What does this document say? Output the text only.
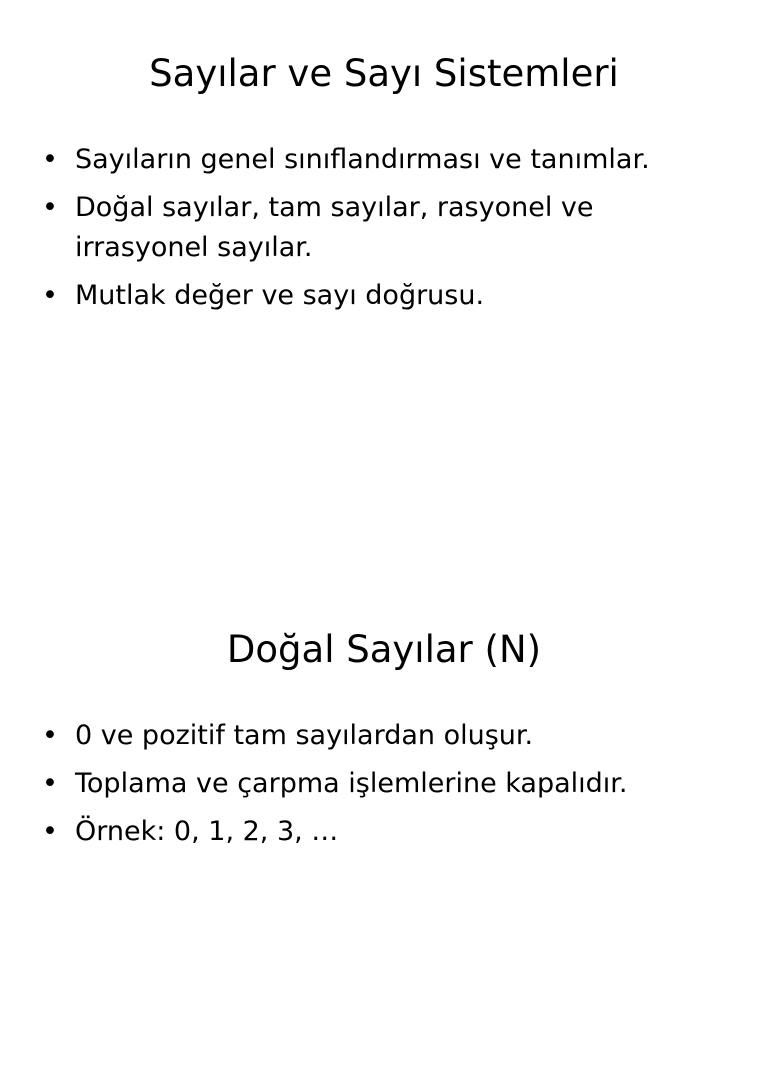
Sayılar ve Sayı Sistemleri
• Sayıların genel sınıflandırması ve tanımlar.
• Doğal sayılar, tam sayılar, rasyonel ve irrasyonel sayılar.
• Mutlak değer ve sayı doğrusu.
Doğal Sayılar (N)
• 0 ve pozitif tam sayılardan oluşur.
• Toplama ve çarpma işlemlerine kapalıdır.
• Örnek: 0, 1, 2, 3, …
